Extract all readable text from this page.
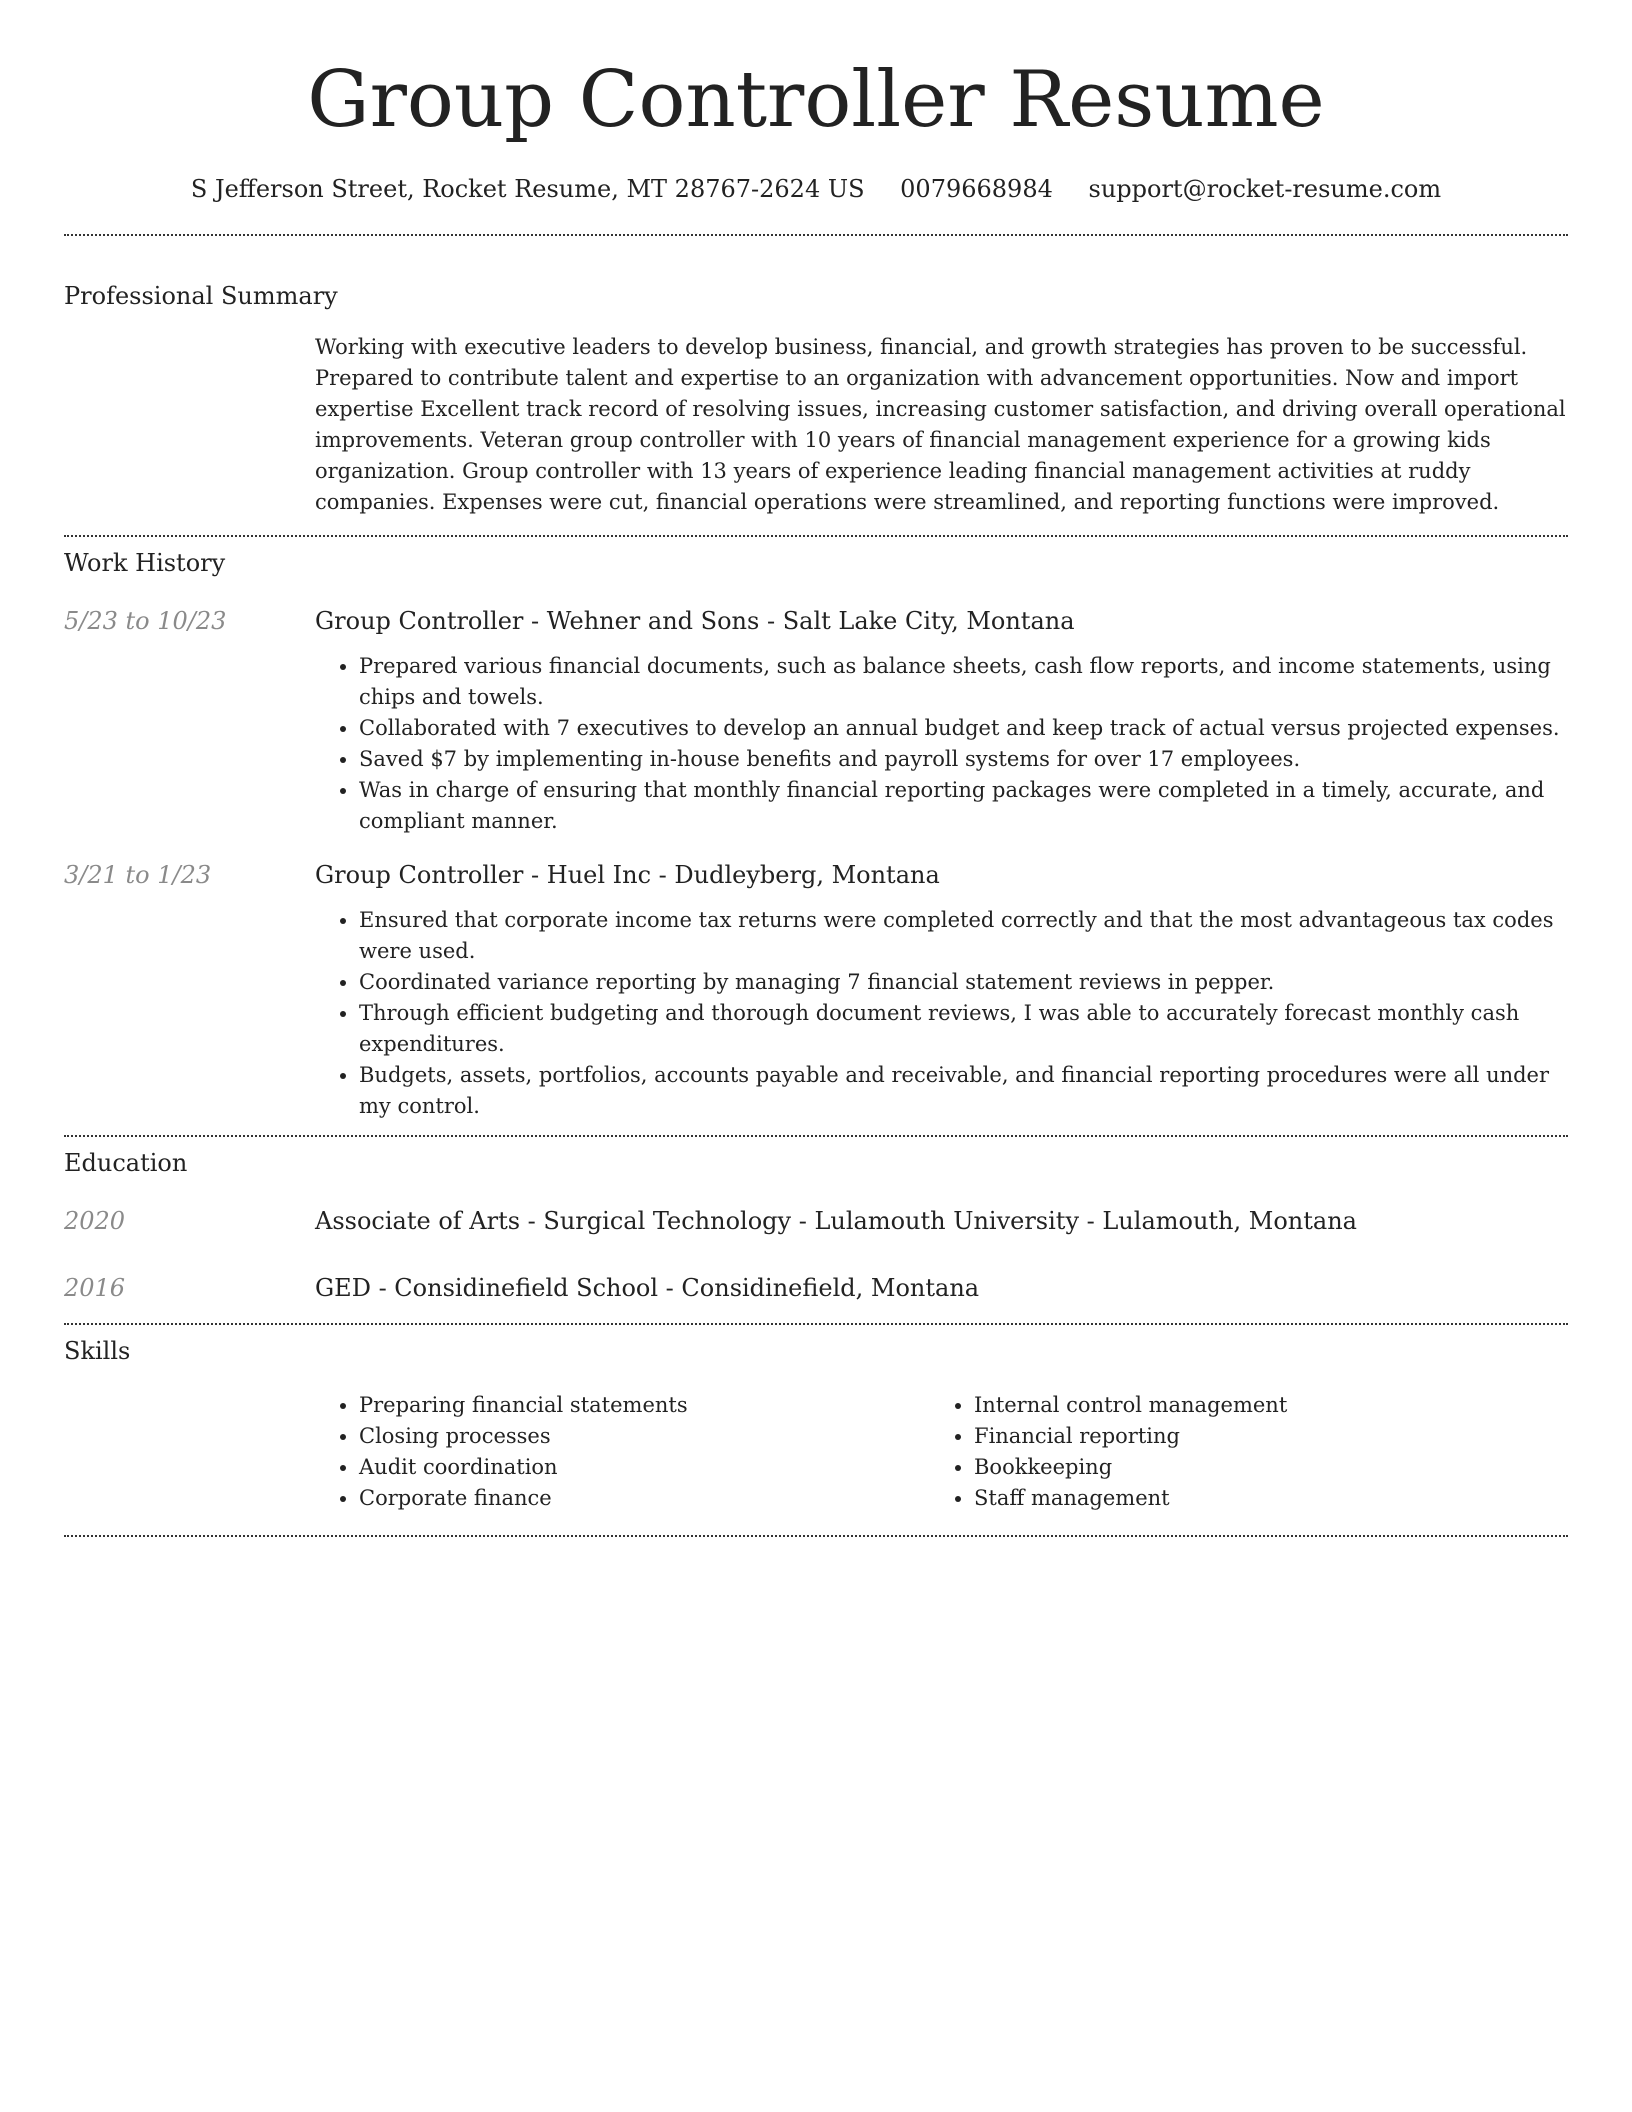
Group Controller Resume
S Jefferson Street, Rocket Resume, MT 28767-2624 US 0079668984 support@rocket-resume.com
Professional Summary

Working with executive leaders to develop business, financial, and growth strategies has proven to be successful. Prepared to contribute talent and expertise to an organization with advancement opportunities. Now and import expertise Excellent track record of resolving issues, increasing customer satisfaction, and driving overall operational improvements. Veteran group controller with 10 years of financial management experience for a growing kids organization. Group controller with 13 years of experience leading financial management activities at ruddy companies. Expenses were cut, financial operations were streamlined, and reporting functions were improved.

Work History
5/23 to 10/23	Group Controller - Wehner and Sons - Salt Lake City, Montana
• Prepared various financial documents, such as balance sheets, cash flow reports, and income statements, using chips and towels.
• Collaborated with 7 executives to develop an annual budget and keep track of actual versus projected expenses.
• Saved $7 by implementing in-house benefits and payroll systems for over 17 employees.
• Was in charge of ensuring that monthly financial reporting packages were completed in a timely, accurate, and compliant manner.
3/21 to 1/23	Group Controller - Huel Inc - Dudleyberg, Montana
• Ensured that corporate income tax returns were completed correctly and that the most advantageous tax codes were used.
• Coordinated variance reporting by managing 7 financial statement reviews in pepper.
• Through efficient budgeting and thorough document reviews, I was able to accurately forecast monthly cash expenditures.
• Budgets, assets, portfolios, accounts payable and receivable, and financial reporting procedures were all under my control.
Education
2020	Associate of Arts - Surgical Technology - Lulamouth University - Lulamouth, Montana
2016	GED - Considinefield School - Considinefield, Montana
Skills
• Preparing financial statements
• Closing processes
• Audit coordination
• Corporate finance
• Internal control management
• Financial reporting
• Bookkeeping
• Staff management
